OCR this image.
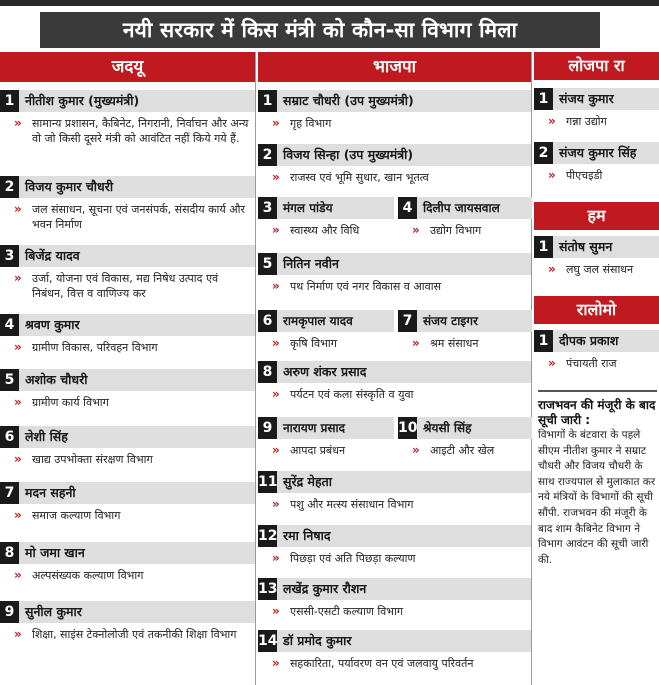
नयी सरकार में किस मंत्री को कौन-सा विभाग मिला
जदयू
1 नीतीश कुमार (मुख्यमंत्री)
» सामान्य प्रशासन, कैबिनेट, निगरानी, निर्वाचन और अन्य वो जो किसी दूसरे मंत्री को आवंटित नहीं किये गये हैं.
2 विजय कुमार चौधरी
» जल संसाधन, सूचना एवं जनसंपर्क, संसदीय कार्य और भवन निर्माण
3 बिजेंद्र यादव
» उर्जा, योजना एवं विकास, मद्य निषेध उत्पाद एवं निबंधन, वित्त व वाणिज्य कर
4 श्रवण कुमार
» ग्रामीण विकास, परिवहन विभाग
5 अशोक चौधरी
» ग्रामीण कार्य विभाग
6 लेशी सिंह
» खाद्य उपभोक्ता संरक्षण विभाग
7 मदन सहनी
» समाज कल्याण विभाग
8 मो जमा खान
» अल्पसंख्यक कल्याण विभाग
9 सुनील कुमार
» शिक्षा, साइंस टेक्नोलोजी एवं तकनीकी शिक्षा विभाग
भाजपा
1 सम्राट चौधरी (उप मुख्यमंत्री)
» गृह विभाग
2 विजय सिन्हा (उप मुख्यमंत्री)
» राजस्व एवं भूमि सुधार, खान भूतत्व
3 मंगल पांडेय
» स्वास्थ्य और विधि
4 दिलीप जायसवाल
» उद्योग विभाग
5 नितिन नवीन
» पथ निर्माण एवं नगर विकास व आवास
6 रामकृपाल यादव
» कृषि विभाग
7 संजय टाइगर
» श्रम संसाधन
8 अरुण शंकर प्रसाद
» पर्यटन एवं कला संस्कृति व युवा
9 नारायण प्रसाद
» आपदा प्रबंधन
10 श्रेयसी सिंह
» आइटी और खेल
11 सुरेंद्र मेहता
» पशु और मत्स्य संसाधान विभाग
12 रमा निषाद
» पिछड़ा एवं अति पिछड़ा कल्याण
13 लखेंद्र कुमार रौशन
» एससी-एसटी कल्याण विभाग
14 डॉ प्रमोद कुमार
» सहकारिता, पर्यावरण वन एवं जलवायु परिवर्तन
लोजपा रा
1 संजय कुमार
» गन्ना उद्योग
2 संजय कुमार सिंह
» पीएचइडी
हम
1 संतोष सुमन
» लघु जल संसाधन
रालोमो
1 दीपक प्रकाश
» पंचायती राज
राजभवन की मंजूरी के बाद सूची जारी :
विभागों के बंटवारा के पहले सीएम नीतीश कुमार ने सम्राट चौधरी और विजय चौधरी के साथ राज्यपाल से मुलाकात कर नये मंत्रियों के विभागों की सूची सौंपी. राजभवन की मंजूरी के बाद शाम कैबिनेट विभाग ने विभाग आवंटन की सूची जारी की.
